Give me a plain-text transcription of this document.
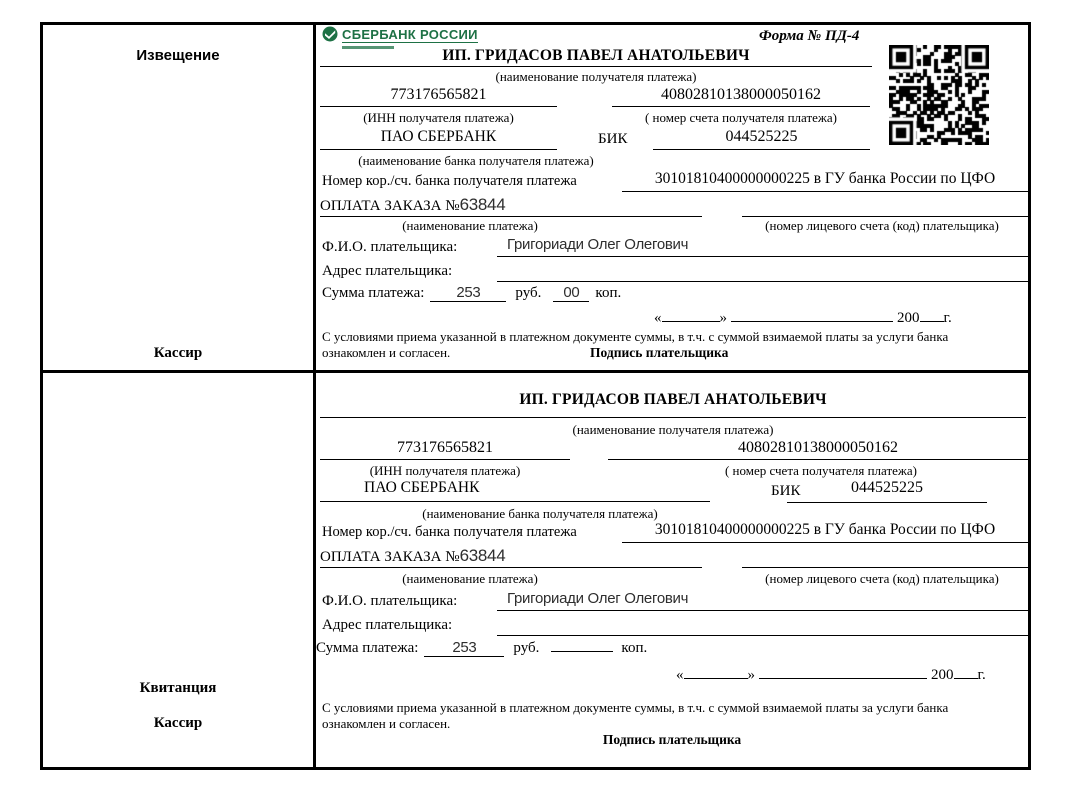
Извещение
Кассир
СБЕРБАНК РОССИИ	Форма № ПД-4
ИП. ГРИДАСОВ ПАВЕЛ АНАТОЛЬЕВИЧ
(наименование получателя платежа)
773176565821	40802810138000050162
(ИНН получателя платежа)	( номер счета получателя платежа)
ПАО СБЕРБАНК	БИК	044525225
(наименование банка получателя платежа)
Номер кор./сч. банка получателя платежа	30101810400000000225 в ГУ банка России по ЦФО
ОПЛАТА ЗАКАЗА №63844
(наименование платежа)	(номер лицевого счета (код) плательщика)
Ф.И.О. плательщика:	Григориади Олег Олегович
Адрес плательщика:
Сумма платежа: 253 руб. 00 коп.
«	»	200 г.
С условиями приема указанной в платежном документе суммы, в т.ч. с суммой взимаемой платы за услуги банка
ознакомлен и согласен.	Подпись плательщика
Квитанция
Кассир
ИП. ГРИДАСОВ ПАВЕЛ АНАТОЛЬЕВИЧ
(наименование получателя платежа)
773176565821	40802810138000050162
(ИНН получателя платежа)	( номер счета получателя платежа)
ПАО СБЕРБАНК	БИК	044525225
(наименование банка получателя платежа)
Номер кор./сч. банка получателя платежа	30101810400000000225 в ГУ банка России по ЦФО
ОПЛАТА ЗАКАЗА №63844
(наименование платежа)	(номер лицевого счета (код) плательщика)
Ф.И.О. плательщика:	Григориади Олег Олегович
Адрес плательщика:
Сумма платежа: 253 руб.	коп.
«	»	200 г.
С условиями приема указанной в платежном документе суммы, в т.ч. с суммой взимаемой платы за услуги банка
ознакомлен и согласен.
Подпись плательщика
